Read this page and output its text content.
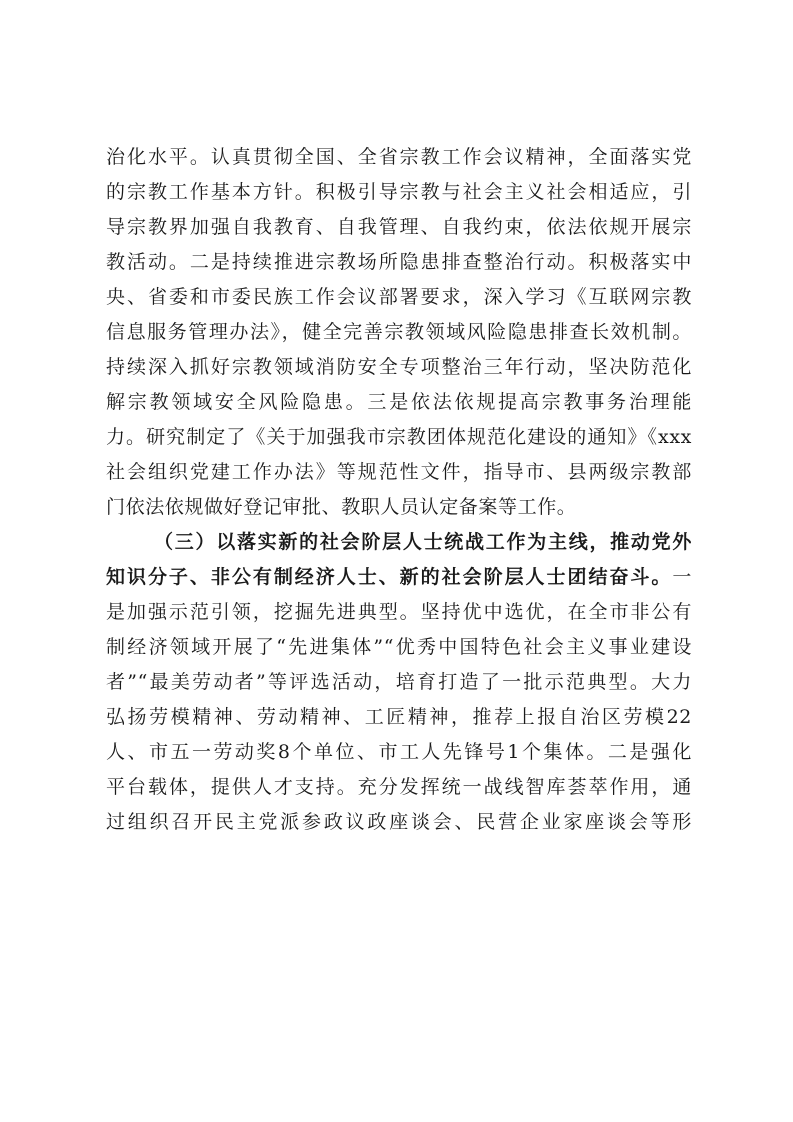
治化水平。认真贯彻全国、全省宗教工作会议精神，全面落实党
的宗教工作基本方针。积极引导宗教与社会主义社会相适应，引
导宗教界加强自我教育、自我管理、自我约束，依法依规开展宗
教活动。二是持续推进宗教场所隐患排查整治行动。积极落实中
央、省委和市委民族工作会议部署要求，深入学习《互联网宗教
信息服务管理办法》，健全完善宗教领域风险隐患排查长效机制。
持续深入抓好宗教领域消防安全专项整治三年行动，坚决防范化
解宗教领域安全风险隐患。三是依法依规提高宗教事务治理能
力。研究制定了《关于加强我市宗教团体规范化建设的通知》《xxx
社会组织党建工作办法》等规范性文件，指导市、县两级宗教部
门依法依规做好登记审批、教职人员认定备案等工作。
（三）以落实新的社会阶层人士统战工作为主线，推动党外
知识分子、非公有制经济人士、新的社会阶层人士团结奋斗。一
是加强示范引领，挖掘先进典型。坚持优中选优，在全市非公有
制经济领域开展了“先进集体”“优秀中国特色社会主义事业建设
者”“最美劳动者”等评选活动，培育打造了一批示范典型。大力
弘扬劳模精神、劳动精神、工匠精神，推荐上报自治区劳模22
人、市五一劳动奖8个单位、市工人先锋号1个集体。二是强化
平台载体，提供人才支持。充分发挥统一战线智库荟萃作用，通
过组织召开民主党派参政议政座谈会、民营企业家座谈会等形
